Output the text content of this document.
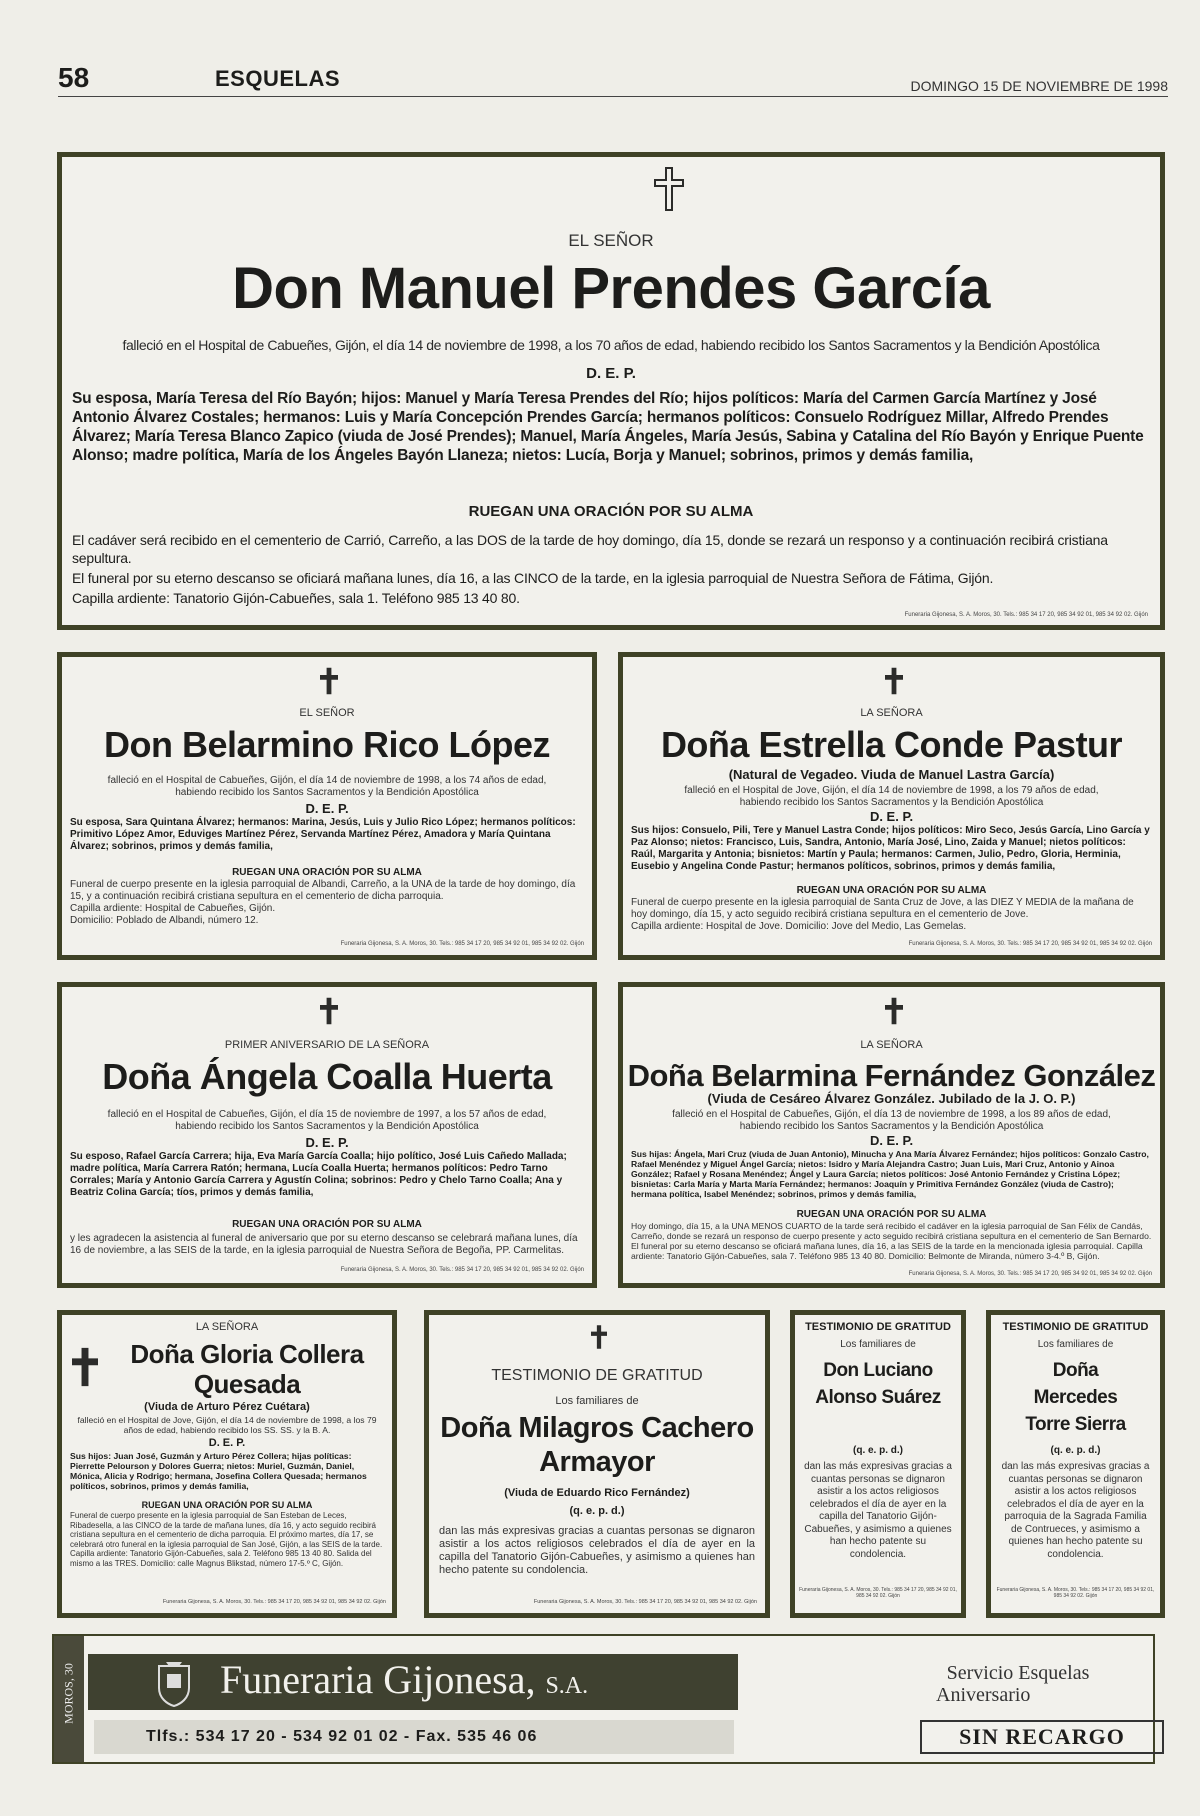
58	ESQUELAS	DOMINGO 15 DE NOVIEMBRE DE 1998
EL SEÑOR
Don Manuel Prendes García
falleció en el Hospital de Cabueñes, Gijón, el día 14 de noviembre de 1998, a los 70 años de edad, habiendo recibido los Santos Sacramentos y la Bendición Apostólica
D. E. P.
Su esposa, María Teresa del Río Bayón; hijos: Manuel y María Teresa Prendes del Río; hijos políticos: María del Carmen García Martínez y José Antonio Álvarez Costales; hermanos: Luis y María Concepción Prendes García; hermanos políticos: Consuelo Rodríguez Millar, Alfredo Prendes Álvarez; María Teresa Blanco Zapico (viuda de José Prendes); Manuel, María Ángeles, María Jesús, Sabina y Catalina del Río Bayón y Enrique Puente Alonso; madre política, María de los Ángeles Bayón Llaneza; nietos: Lucía, Borja y Manuel; sobrinos, primos y demás familia,
RUEGAN UNA ORACIÓN POR SU ALMA
El cadáver será recibido en el cementerio de Carrió, Carreño, a las DOS de la tarde de hoy domingo, día 15, donde se rezará un responso y a continuación recibirá cristiana sepultura.
El funeral por su eterno descanso se oficiará mañana lunes, día 16, a las CINCO de la tarde, en la iglesia parroquial de Nuestra Señora de Fátima, Gijón.
Capilla ardiente: Tanatorio Gijón-Cabueñes, sala 1. Teléfono 985 13 40 80.
Funeraria Gijonesa, S. A. Moros, 30. Tels.: 985 34 17 20, 985 34 92 01, 985 34 92 02. Gijón
EL SEÑOR
Don Belarmino Rico López
falleció en el Hospital de Cabueñes, Gijón, el día 14 de noviembre de 1998, a los 74 años de edad, habiendo recibido los Santos Sacramentos y la Bendición Apostólica
D. E. P.
Su esposa, Sara Quintana Álvarez; hermanos: Marina, Jesús, Luis y Julio Rico López; hermanos políticos: Primitivo López Amor, Eduviges Martínez Pérez, Servanda Martínez Pérez, Amadora y María Quintana Álvarez; sobrinos, primos y demás familia,
RUEGAN UNA ORACIÓN POR SU ALMA
Funeral de cuerpo presente en la iglesia parroquial de Albandi, Carreño, a la UNA de la tarde de hoy domingo, día 15, y a continuación recibirá cristiana sepultura en el cementerio de dicha parroquia.
Capilla ardiente: Hospital de Cabueñes, Gijón.
Domicilio: Poblado de Albandi, número 12.
Funeraria Gijonesa, S. A. Moros, 30. Tels.: 985 34 17 20, 985 34 92 01, 985 34 92 02. Gijón
LA SEÑORA
Doña Estrella Conde Pastur
(Natural de Vegadeo. Viuda de Manuel Lastra García)
falleció en el Hospital de Jove, Gijón, el día 14 de noviembre de 1998, a los 79 años de edad, habiendo recibido los Santos Sacramentos y la Bendición Apostólica
D. E. P.
Sus hijos: Consuelo, Pili, Tere y Manuel Lastra Conde; hijos políticos: Miro Seco, Jesús García, Lino García y Paz Alonso; nietos: Francisco, Luis, Sandra, Antonio, María José, Lino, Zaida y Manuel; nietos políticos: Raúl, Margarita y Antonia; bisnietos: Martín y Paula; hermanos: Carmen, Julio, Pedro, Gloria, Herminia, Eusebio y Angelina Conde Pastur; hermanos políticos, sobrinos, primos y demás familia,
RUEGAN UNA ORACIÓN POR SU ALMA
Funeral de cuerpo presente en la iglesia parroquial de Santa Cruz de Jove, a las DIEZ Y MEDIA de la mañana de hoy domingo, día 15, y acto seguido recibirá cristiana sepultura en el cementerio de Jove.
Capilla ardiente: Hospital de Jove. Domicilio: Jove del Medio, Las Gemelas.
Funeraria Gijonesa, S. A. Moros, 30. Tels.: 985 34 17 20, 985 34 92 01, 985 34 92 02. Gijón
PRIMER ANIVERSARIO DE LA SEÑORA
Doña Ángela Coalla Huerta
falleció en el Hospital de Cabueñes, Gijón, el día 15 de noviembre de 1997, a los 57 años de edad, habiendo recibido los Santos Sacramentos y la Bendición Apostólica
D. E. P.
Su esposo, Rafael García Carrera; hija, Eva María García Coalla; hijo político, José Luis Cañedo Mallada; madre política, María Carrera Ratón; hermana, Lucía Coalla Huerta; hermanos políticos: Pedro Tarno Corrales; María y Antonio García Carrera y Agustín Colina; sobrinos: Pedro y Chelo Tarno Coalla; Ana y Beatriz Colina García; tíos, primos y demás familia,
RUEGAN UNA ORACIÓN POR SU ALMA
y les agradecen la asistencia al funeral de aniversario que por su eterno descanso se celebrará mañana lunes, día 16 de noviembre, a las SEIS de la tarde, en la iglesia parroquial de Nuestra Señora de Begoña, PP. Carmelitas.
Funeraria Gijonesa, S. A. Moros, 30. Tels.: 985 34 17 20, 985 34 92 01, 985 34 92 02. Gijón
LA SEÑORA
Doña Belarmina Fernández González
(Viuda de Cesáreo Álvarez González. Jubilado de la J. O. P.)
falleció en el Hospital de Cabueñes, Gijón, el día 13 de noviembre de 1998, a los 89 años de edad, habiendo recibido los Santos Sacramentos y la Bendición Apostólica
D. E. P.
Sus hijas: Ángela, Mari Cruz (viuda de Juan Antonio), Minucha y Ana María Álvarez Fernández; hijos políticos: Gonzalo Castro, Rafael Menéndez y Miguel Ángel García; nietos: Isidro y María Alejandra Castro; Juan Luis, Mari Cruz, Antonio y Ainoa González; Rafael y Rosana Menéndez; Ángel y Laura García; nietos políticos: José Antonio Fernández y Cristina López; bisnietas: Carla María y Marta María Fernández; hermanos: Joaquín y Primitiva Fernández González (viuda de Castro); hermana política, Isabel Menéndez; sobrinos, primos y demás familia,
RUEGAN UNA ORACIÓN POR SU ALMA
Hoy domingo, día 15, a la UNA MENOS CUARTO de la tarde será recibido el cadáver en la iglesia parroquial de San Félix de Candás, Carreño, donde se rezará un responso de cuerpo presente y acto seguido recibirá cristiana sepultura en el cementerio de San Bernardo. El funeral por su eterno descanso se oficiará mañana lunes, día 16, a las SEIS de la tarde en la mencionada iglesia parroquial. Capilla ardiente: Tanatorio Gijón-Cabueñes, sala 7. Teléfono 985 13 40 80. Domicilio: Belmonte de Miranda, número 3-4.º B, Gijón.
Funeraria Gijonesa, S. A. Moros, 30. Tels.: 985 34 17 20, 985 34 92 01, 985 34 92 02. Gijón
LA SEÑORA
Doña Gloria Collera Quesada
(Viuda de Arturo Pérez Cuétara)
falleció en el Hospital de Jove, Gijón, el día 14 de noviembre de 1998, a los 79 años de edad, habiendo recibido los SS. SS. y la B. A.
D. E. P.
Sus hijos: Juan José, Guzmán y Arturo Pérez Collera; hijas políticas: Pierrette Pelourson y Dolores Guerra; nietos: Muriel, Guzmán, Daniel, Mónica, Alicia y Rodrigo; hermana, Josefina Collera Quesada; hermanos políticos, sobrinos, primos y demás familia,
RUEGAN UNA ORACIÓN POR SU ALMA
Funeral de cuerpo presente en la iglesia parroquial de San Esteban de Leces, Ribadesella, a las CINCO de la tarde de mañana lunes, día 16, y acto seguido recibirá cristiana sepultura en el cementerio de dicha parroquia. El próximo martes, día 17, se celebrará otro funeral en la iglesia parroquial de San José, Gijón, a las SEIS de la tarde. Capilla ardiente: Tanatorio Gijón-Cabueñes, sala 2. Teléfono 985 13 40 80. Salida del mismo a las TRES. Domicilio: calle Magnus Blikstad, número 17-5.º C, Gijón.
Funeraria Gijonesa, S. A. Moros, 30. Tels.: 985 34 17 20, 985 34 92 01, 985 34 92 02. Gijón
TESTIMONIO DE GRATITUD
Los familiares de
Doña Milagros Cachero Armayor
(Viuda de Eduardo Rico Fernández)
(q. e. p. d.)
dan las más expresivas gracias a cuantas personas se dignaron asistir a los actos religiosos celebrados el día de ayer en la capilla del Tanatorio Gijón-Cabueñes, y asimismo a quienes han hecho patente su condolencia.
Funeraria Gijonesa, S. A. Moros, 30. Tels.: 985 34 17 20, 985 34 92 01, 985 34 92 02. Gijón
TESTIMONIO DE GRATITUD
Los familiares de
Don Luciano Alonso Suárez
(q. e. p. d.)
dan las más expresivas gracias a cuantas personas se dignaron asistir a los actos religiosos celebrados el día de ayer en la capilla del Tanatorio Gijón-Cabueñes, y asimismo a quienes han hecho patente su condolencia.
Funeraria Gijonesa, S. A. Moros, 30. Tels.: 985 34 17 20, 985 34 92 01, 985 34 92 02. Gijón
TESTIMONIO DE GRATITUD
Los familiares de
Doña Mercedes Torre Sierra
(q. e. p. d.)
dan las más expresivas gracias a cuantas personas se dignaron asistir a los actos religiosos celebrados el día de ayer en la parroquia de la Sagrada Familia de Contrueces, y asimismo a quienes han hecho patente su condolencia.
Funeraria Gijonesa, S. A. Moros, 30. Tels.: 985 34 17 20, 985 34 92 01, 985 34 92 02. Gijón
MOROS, 30	Funeraria Gijonesa, S.A.
Tlfs.: 534 17 20 - 534 92 01 02 - Fax. 535 46 06
Servicio Esquelas
Aniversario
SIN RECARGO
